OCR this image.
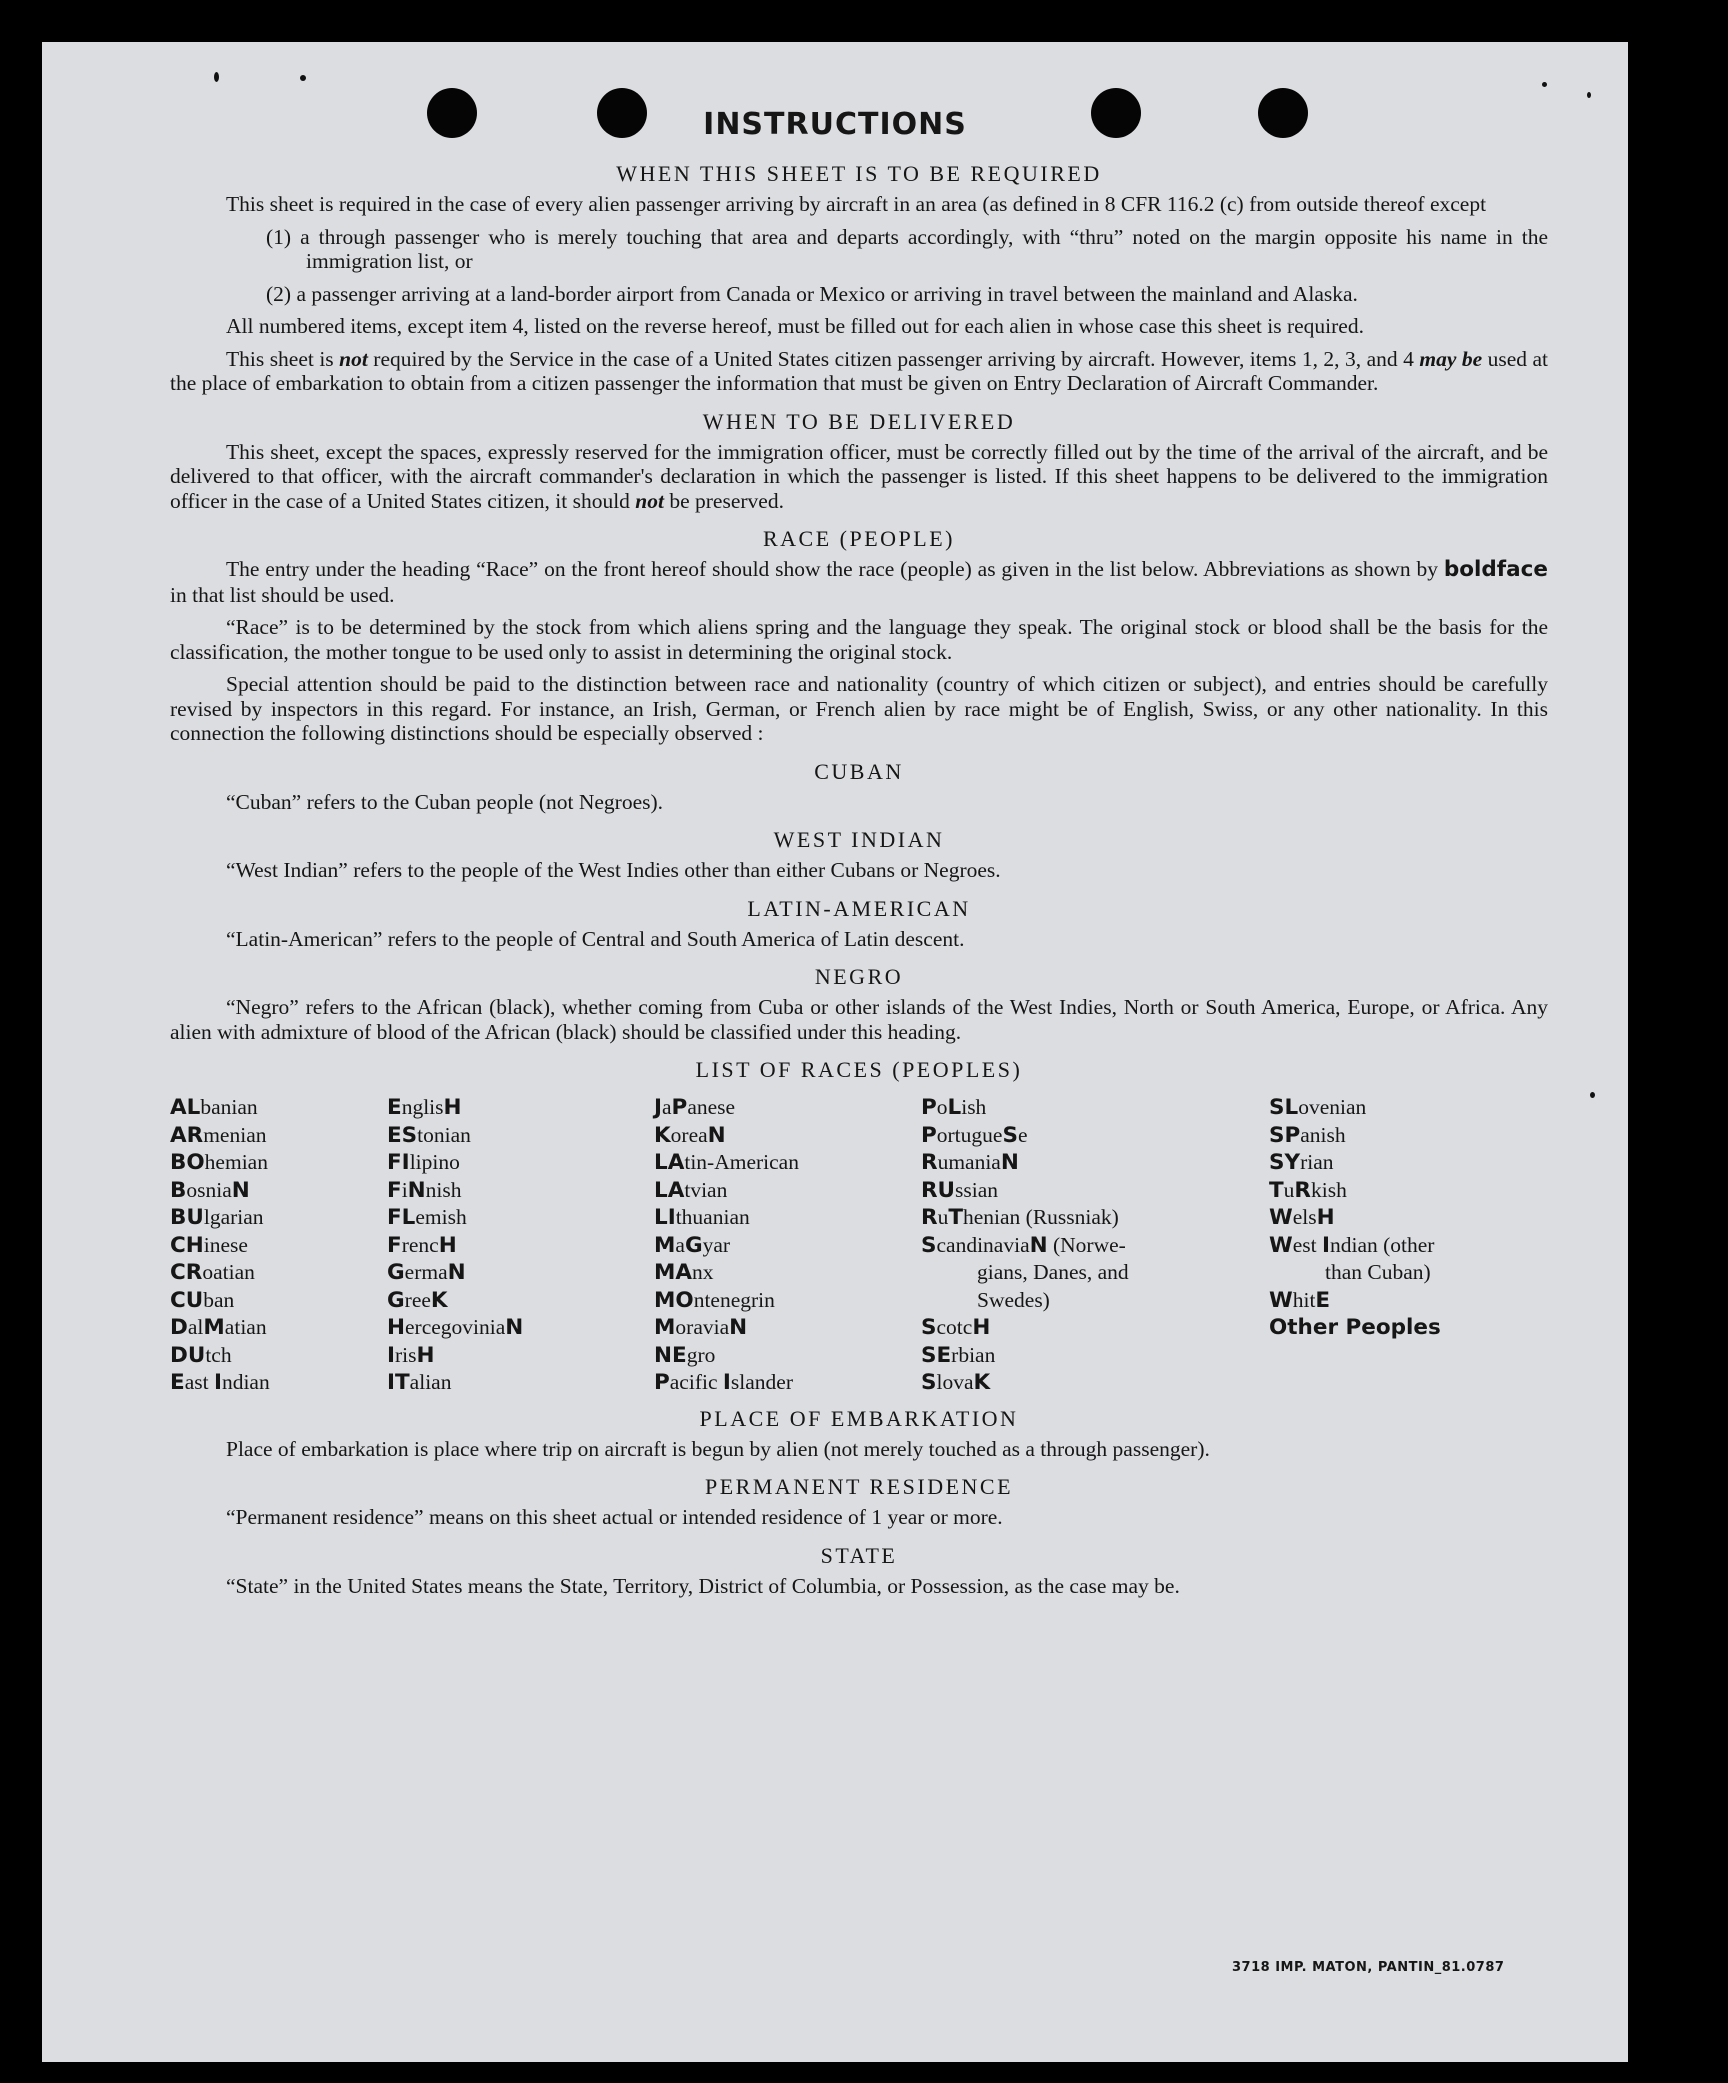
INSTRUCTIONS
WHEN THIS SHEET IS TO BE REQUIRED

This sheet is required in the case of every alien passenger arriving by aircraft in an area (as defined in 8 CFR 116.2 (c) from outside thereof except

(1) a through passenger who is merely touching that area and departs accordingly, with “thru” noted on the margin opposite his name in the immigration list, or

(2) a passenger arriving at a land-border airport from Canada or Mexico or arriving in travel between the mainland and Alaska.

All numbered items, except item 4, listed on the reverse hereof, must be filled out for each alien in whose case this sheet is required.

This sheet is not required by the Service in the case of a United States citizen passenger arriving by aircraft. However, items 1, 2, 3, and 4 may be used at the place of embarkation to obtain from a citizen passenger the information that must be given on Entry Declaration of Aircraft Commander.

WHEN TO BE DELIVERED

This sheet, except the spaces, expressly reserved for the immigration officer, must be correctly filled out by the time of the arrival of the aircraft, and be delivered to that officer, with the aircraft commander's declaration in which the passenger is listed. If this sheet happens to be delivered to the immigration officer in the case of a United States citizen, it should not be preserved.

RACE (PEOPLE)

The entry under the heading “Race” on the front hereof should show the race (people) as given in the list below. Abbreviations as shown by boldface in that list should be used.

“Race” is to be determined by the stock from which aliens spring and the language they speak. The original stock or blood shall be the basis for the classification, the mother tongue to be used only to assist in determining the original stock.

Special attention should be paid to the distinction between race and nationality (country of which citizen or subject), and entries should be carefully revised by inspectors in this regard. For instance, an Irish, German, or French alien by race might be of English, Swiss, or any other nationality. In this connection the following distinctions should be especially observed :

CUBAN

“Cuban” refers to the Cuban people (not Negroes).

WEST INDIAN

“West Indian” refers to the people of the West Indies other than either Cubans or Negroes.

LATIN-AMERICAN

“Latin-American” refers to the people of Central and South America of Latin descent.

NEGRO

“Negro” refers to the African (black), whether coming from Cuba or other islands of the West Indies, North or South America, Europe, or Africa. Any alien with admixture of blood of the African (black) should be classified under this heading.

LIST OF RACES (PEOPLES)
ALbanian
ARmenian
BOhemian
BosniaN
BUlgarian
CHinese
CRoatian
CUban
DalMatian
DUtch
East Indian
EnglisH
EStonian
FIlipino
FiNnish
FLemish
FrencH
GermaN
GreeK
HercegoviniaN
IrisH
ITalian
JaPanese
KoreaN
LAtin-American
LAtvian
LIthuanian
MaGyar
MAnx
MOntenegrin
MoraviaN
NEgro
Pacific Islander
PoLish
PortugueSe
RumaniaN
RUssian
RuThenian (Russniak)
ScandinaviaN (Norwe-
gians, Danes, and
Swedes)
ScotcH
SErbian
SlovaK
SLovenian
SPanish
SYrian
TuRkish
WelsH
West Indian (other
than Cuban)
WhitE
Other Peoples
PLACE OF EMBARKATION

Place of embarkation is place where trip on aircraft is begun by alien (not merely touched as a through passenger).

PERMANENT RESIDENCE

“Permanent residence” means on this sheet actual or intended residence of 1 year or more.

STATE

“State” in the United States means the State, Territory, District of Columbia, or Possession, as the case may be.

3718 IMP. MATON, PANTIN_81.0787
